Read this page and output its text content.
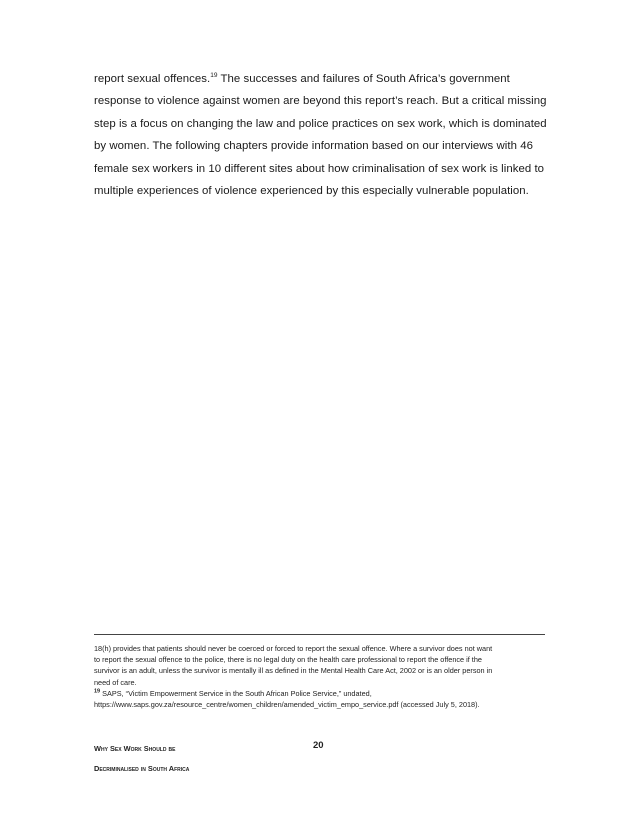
report sexual offences.$^{19}$ The successes and failures of South Africa’s government

response to violence against women are beyond this report’s reach. But a critical missing

step is a focus on changing the law and police practices on sex work, which is dominated

by women. The following chapters provide information based on our interviews with 46

female sex workers in 10 different sites about how criminalisation of sex work is linked to

multiple experiences of violence experienced by this especially vulnerable population.

18(h) provides that patients should never be coerced or forced to report the sexual offence. Where a survivor does not want
to report the sexual offence to the police, there is no legal duty on the health care professional to report the offence if the
survivor is an adult, unless the survivor is mentally ill as defined in the Mental Health Care Act, 2002 or is an older person in
need of care.
$^{19}$ SAPS, “Victim Empowerment Service in the South African Police Service,” undated,
https://www.saps.gov.za/resource_centre/women_children/amended_victim_empo_service.pdf (accessed July 5, 2018).
Why Sex Work Should be
Decriminalised in South Africa
20
